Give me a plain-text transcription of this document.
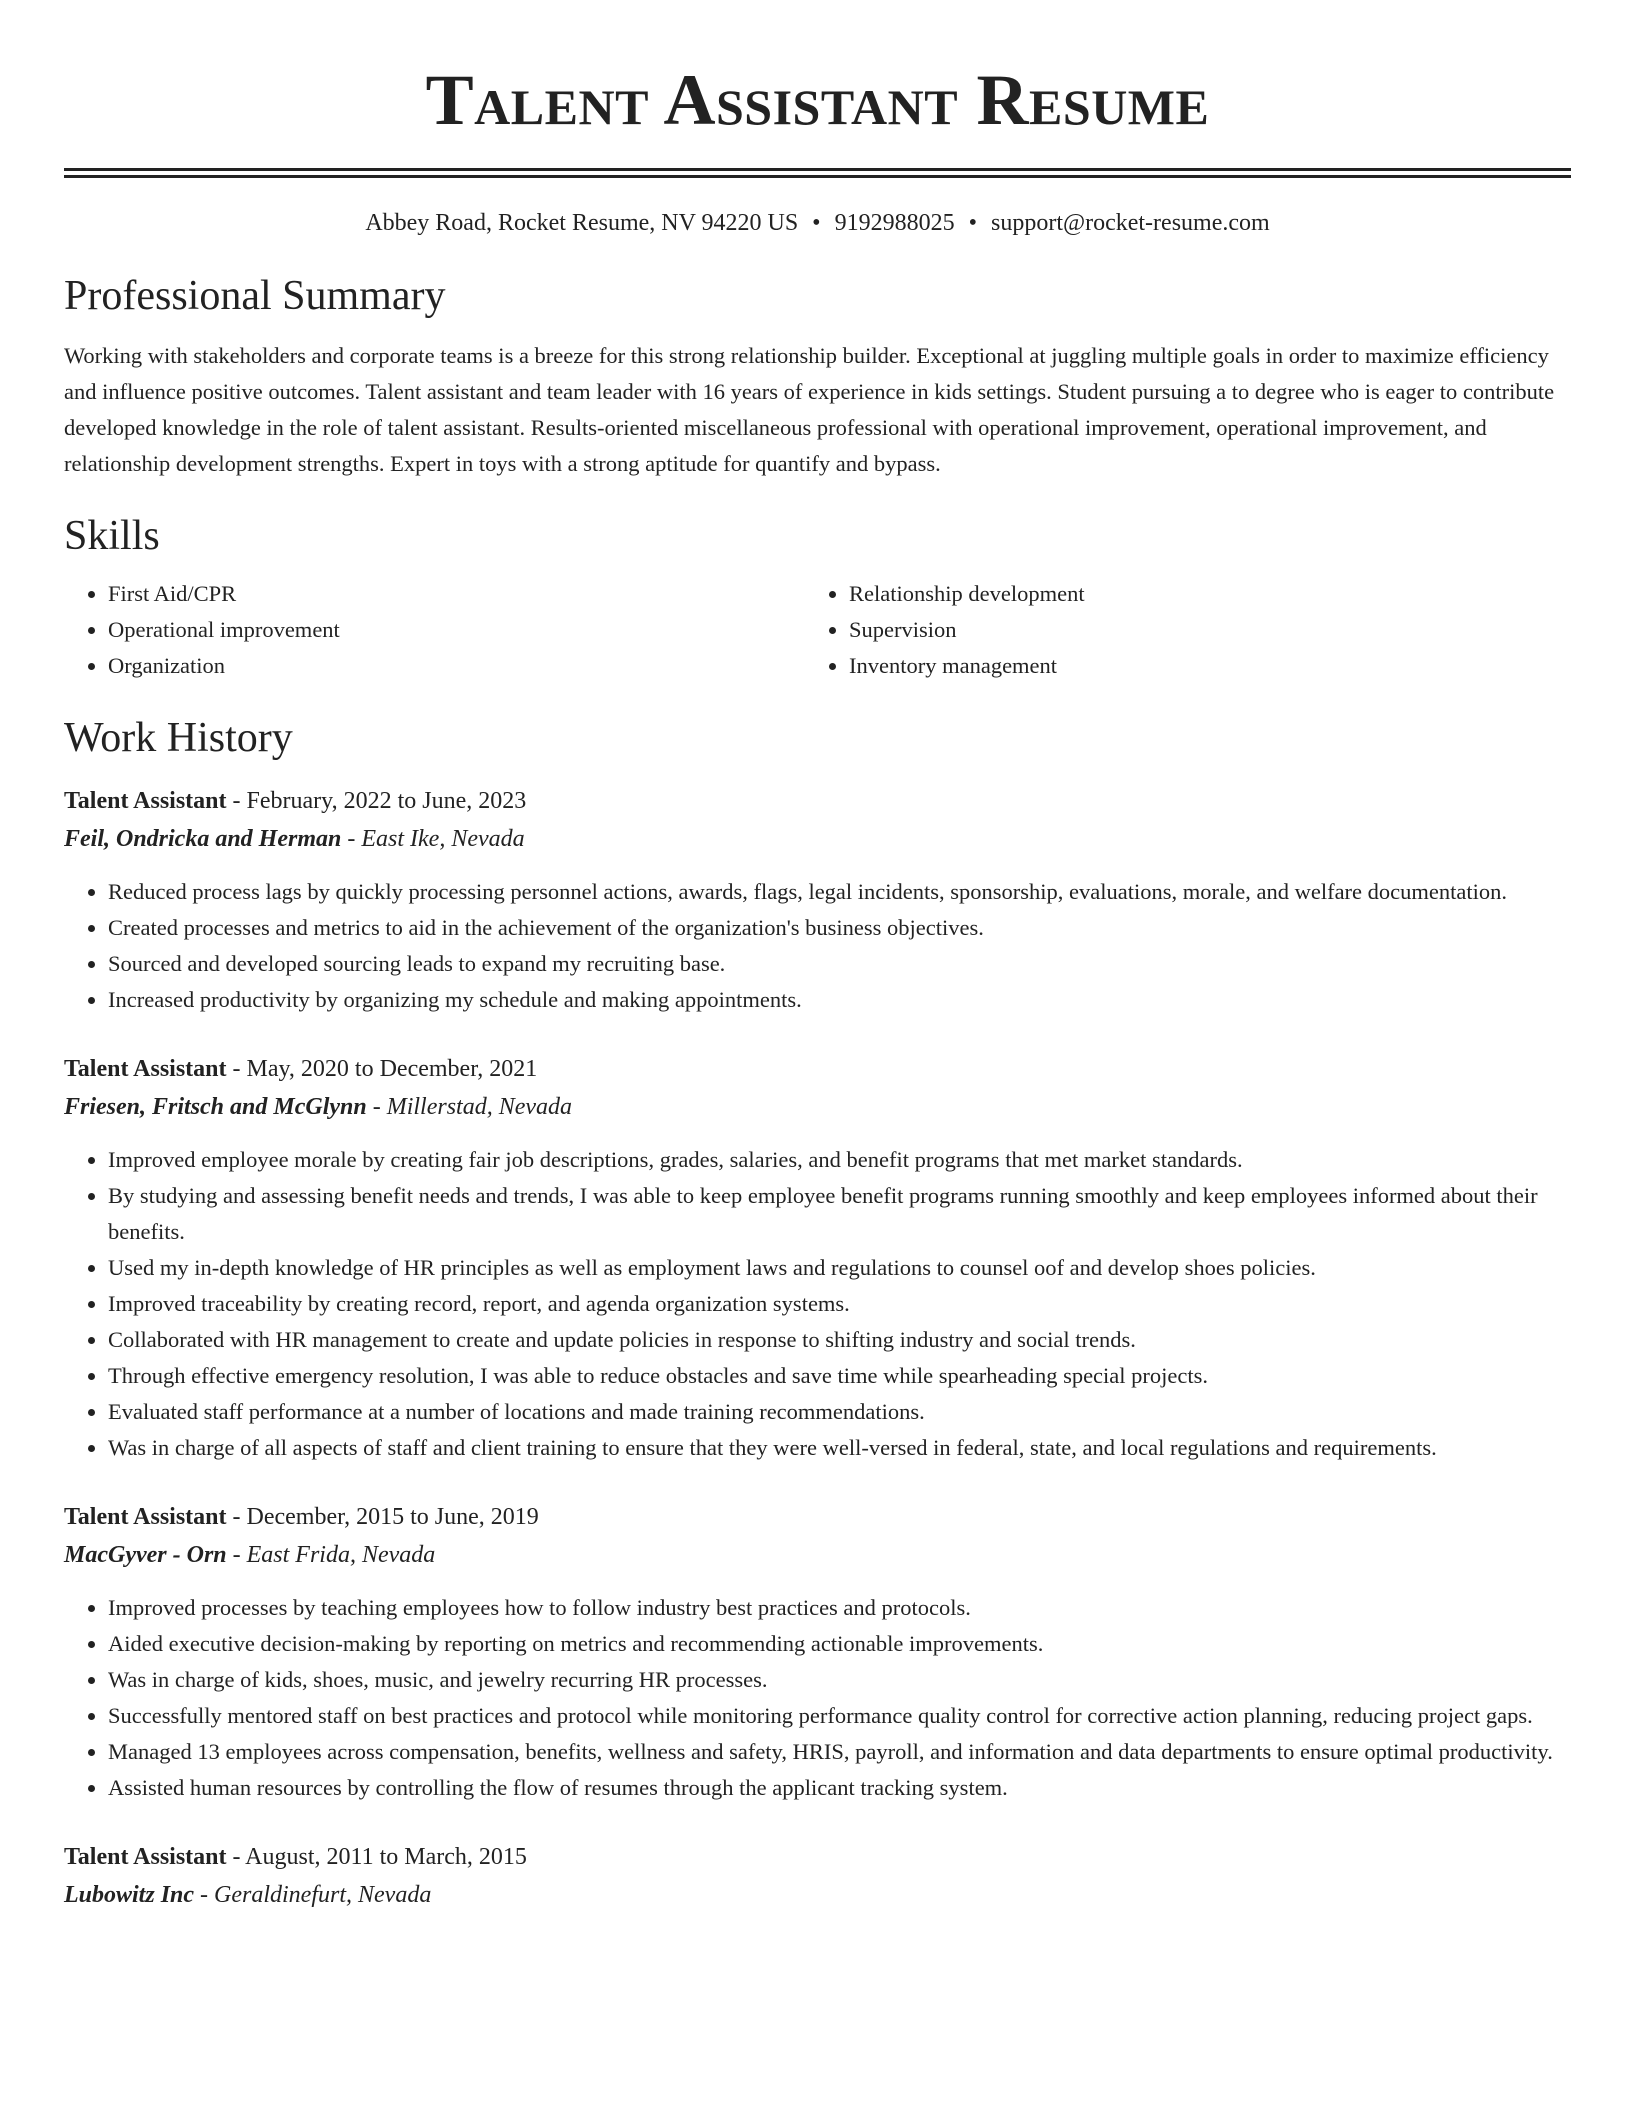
Talent Assistant Resume
Abbey Road, Rocket Resume, NV 94220 US • 9192988025 • support@rocket-resume.com
Professional Summary

Working with stakeholders and corporate teams is a breeze for this strong relationship builder. Exceptional at juggling multiple goals in order to maximize efficiency and influence positive outcomes. Talent assistant and team leader with 16 years of experience in kids settings. Student pursuing a to degree who is eager to contribute developed knowledge in the role of talent assistant. Results-oriented miscellaneous professional with operational improvement, operational improvement, and relationship development strengths. Expert in toys with a strong aptitude for quantify and bypass.

Skills
• First Aid/CPR
• Operational improvement
• Organization
• Relationship development
• Supervision
• Inventory management
Work History
Talent Assistant - February, 2022 to June, 2023
Feil, Ondricka and Herman - East Ike, Nevada
• Reduced process lags by quickly processing personnel actions, awards, flags, legal incidents, sponsorship, evaluations, morale, and welfare documentation.
• Created processes and metrics to aid in the achievement of the organization's business objectives.
• Sourced and developed sourcing leads to expand my recruiting base.
• Increased productivity by organizing my schedule and making appointments.
Talent Assistant - May, 2020 to December, 2021
Friesen, Fritsch and McGlynn - Millerstad, Nevada
• Improved employee morale by creating fair job descriptions, grades, salaries, and benefit programs that met market standards.
• By studying and assessing benefit needs and trends, I was able to keep employee benefit programs running smoothly and keep employees informed about their benefits.
• Used my in-depth knowledge of HR principles as well as employment laws and regulations to counsel oof and develop shoes policies.
• Improved traceability by creating record, report, and agenda organization systems.
• Collaborated with HR management to create and update policies in response to shifting industry and social trends.
• Through effective emergency resolution, I was able to reduce obstacles and save time while spearheading special projects.
• Evaluated staff performance at a number of locations and made training recommendations.
• Was in charge of all aspects of staff and client training to ensure that they were well-versed in federal, state, and local regulations and requirements.
Talent Assistant - December, 2015 to June, 2019
MacGyver - Orn - East Frida, Nevada
• Improved processes by teaching employees how to follow industry best practices and protocols.
• Aided executive decision-making by reporting on metrics and recommending actionable improvements.
• Was in charge of kids, shoes, music, and jewelry recurring HR processes.
• Successfully mentored staff on best practices and protocol while monitoring performance quality control for corrective action planning, reducing project gaps.
• Managed 13 employees across compensation, benefits, wellness and safety, HRIS, payroll, and information and data departments to ensure optimal productivity.
• Assisted human resources by controlling the flow of resumes through the applicant tracking system.
Talent Assistant - August, 2011 to March, 2015
Lubowitz Inc - Geraldinefurt, Nevada
